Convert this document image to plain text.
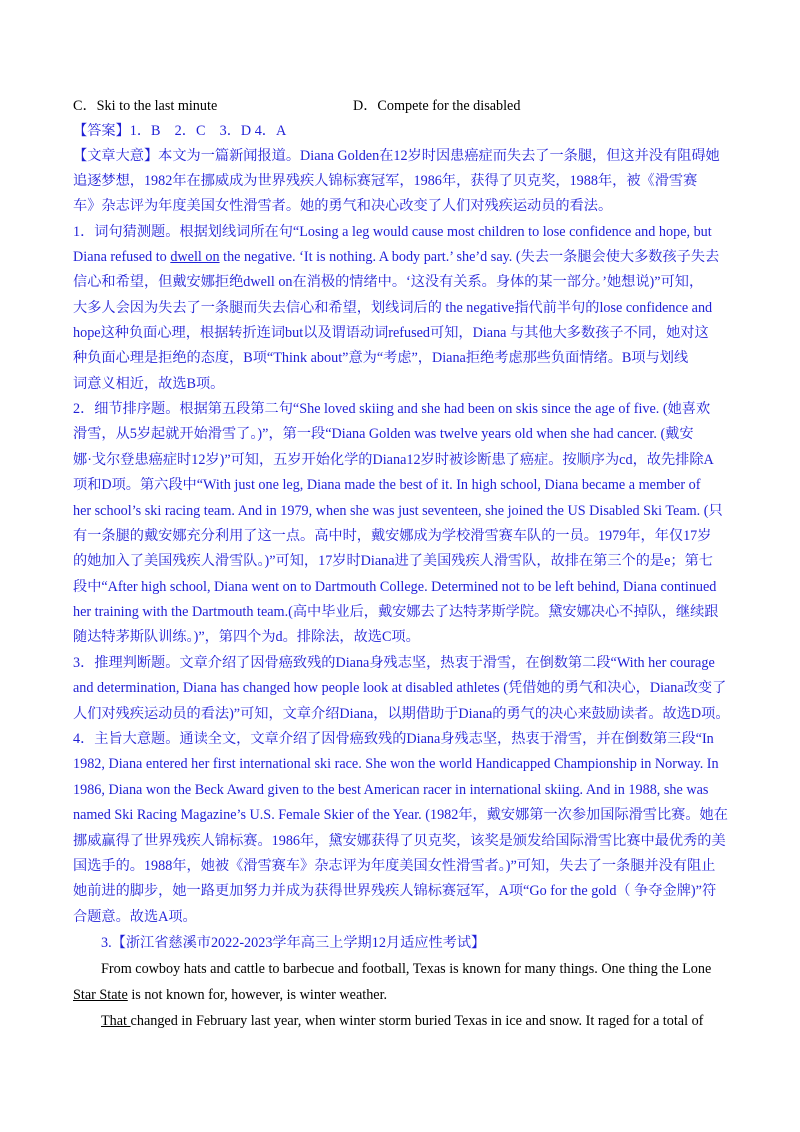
C．Ski to the last minute	D．Compete for the disabled
【答案】1．B　2．C　3．D 4．A
【文章大意】本文为一篇新闻报道。Diana Golden在12岁时因患癌症而失去了一条腿，但这并没有阻碍她
追逐梦想，1982年在挪威成为世界残疾人锦标赛冠军，1986年，获得了贝克奖，1988年，被《滑雪赛
车》杂志评为年度美国女性滑雪者。她的勇气和决心改变了人们对残疾运动员的看法。
1．词句猜测题。根据划线词所在句“Losing a leg would cause most children to lose confidence and hope, but
Diana refused to dwell on the negative. ‘It is nothing. A body part.’ she’d say. (失去一条腿会使大多数孩子失去
信心和希望，但戴安娜拒绝dwell on在消极的情绪中。‘这没有关系。身体的某一部分。’她想说)”可知，
大多人会因为失去了一条腿而失去信心和希望，划线词后的 the negative指代前半句的lose confidence and
hope这种负面心理，根据转折连词but以及谓语动词refused可知，Diana 与其他大多数孩子不同，她对这
种负面心理是拒绝的态度，B项“Think about”意为“考虑”，Diana拒绝考虑那些负面情绪。B项与划线
词意义相近，故选B项。
2．细节排序题。根据第五段第二句“She loved skiing and she had been on skis since the age of five. (她喜欢
滑雪，从5岁起就开始滑雪了。)”，第一段“Diana Golden was twelve years old when she had cancer. (戴安
娜·戈尔登患癌症时12岁)”可知，五岁开始化学的Diana12岁时被诊断患了癌症。按顺序为cd，故先排除A
项和D项。第六段中“With just one leg, Diana made the best of it. In high school, Diana became a member of
her school’s ski racing team. And in 1979, when she was just seventeen, she joined the US Disabled Ski Team. (只
有一条腿的戴安娜充分利用了这一点。高中时，戴安娜成为学校滑雪赛车队的一员。1979年，年仅17岁
的她加入了美国残疾人滑雪队。)”可知，17岁时Diana进了美国残疾人滑雪队，故排在第三个的是e；第七
段中“After high school, Diana went on to Dartmouth College. Determined not to be left behind, Diana continued
her training with the Dartmouth team.(高中毕业后，戴安娜去了达特茅斯学院。黛安娜决心不掉队，继续跟
随达特茅斯队训练。)”，第四个为d。排除法，故选C项。
3．推理判断题。文章介绍了因骨癌致残的Diana身残志坚，热衷于滑雪，在倒数第二段“With her courage
and determination, Diana has changed how people look at disabled athletes (凭借她的勇气和决心，Diana改变了
人们对残疾运动员的看法)”可知，文章介绍Diana，以期借助于Diana的勇气的决心来鼓励读者。故选D项。
4．主旨大意题。通读全文，文章介绍了因骨癌致残的Diana身残志坚，热衷于滑雪，并在倒数第三段“In
1982, Diana entered her first international ski race. She won the world Handicapped Championship in Norway. In
1986, Diana won the Beck Award given to the best American racer in international skiing. And in 1988, she was
named Ski Racing Magazine’s U.S. Female Skier of the Year. (1982年，戴安娜第一次参加国际滑雪比赛。她在
挪威赢得了世界残疾人锦标赛。1986年，黛安娜获得了贝克奖，该奖是颁发给国际滑雪比赛中最优秀的美
国选手的。1988年，她被《滑雪赛车》杂志评为年度美国女性滑雪者。)”可知，失去了一条腿并没有阻止
她前进的脚步，她一路更加努力并成为获得世界残疾人锦标赛冠军，A项“Go for the gold（ 争夺金牌)”符
合题意。故选A项。
3.【浙江省慈溪市2022-2023学年高三上学期12月适应性考试】
From cowboy hats and cattle to barbecue and football, Texas is known for many things. One thing the Lone
Star State is not known for, however, is winter weather.
That changed in February last year, when winter storm buried Texas in ice and snow. It raged for a total of
